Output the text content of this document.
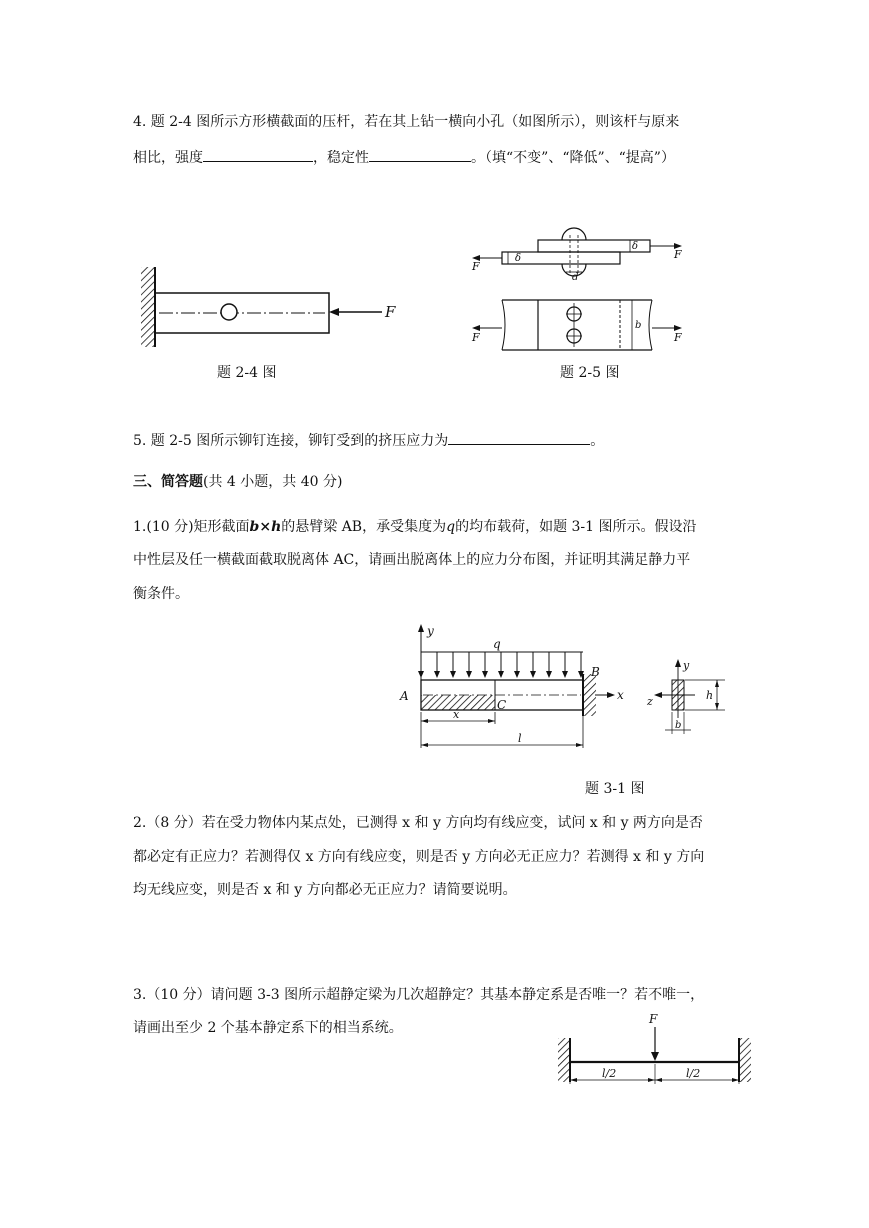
4. 题 2-4 图所示方形横截面的压杆，若在其上钻一横向小孔（如图所示），则该杆与原来
相比，强度	，稳定性	。（填“不变”、“降低”、“提高”）
F
题 2-4 图
F
F
δ
δ
d
b
F	F
题 2-5 图
5. 题 2-5 图所示铆钉连接，铆钉受到的挤压应力为	。
三、简答题(共 4 小题，共 40 分)
1.(10 分)矩形截面b×h的悬臂梁 AB，承受集度为q的均布载荷，如题 3-1 图所示。假设沿
中性层及任一横截面截取脱离体 AC，请画出脱离体上的应力分布图，并证明其满足静力平
衡条件。
y
q
B
A
C
x
x
l
y
z	h
b
题 3-1 图
2.（8 分）若在受力物体内某点处，已测得 x 和 y 方向均有线应变，试问 x 和 y 两方向是否
都必定有正应力？若测得仅 x 方向有线应变，则是否 y 方向必无正应力？若测得 x 和 y 方向
均无线应变，则是否 x 和 y 方向都必无正应力？请简要说明。
3.（10 分）请问题 3-3 图所示超静定梁为几次超静定？其基本静定系是否唯一？若不唯一，
请画出至少 2 个基本静定系下的相当系统。
F
l/2	l/2
